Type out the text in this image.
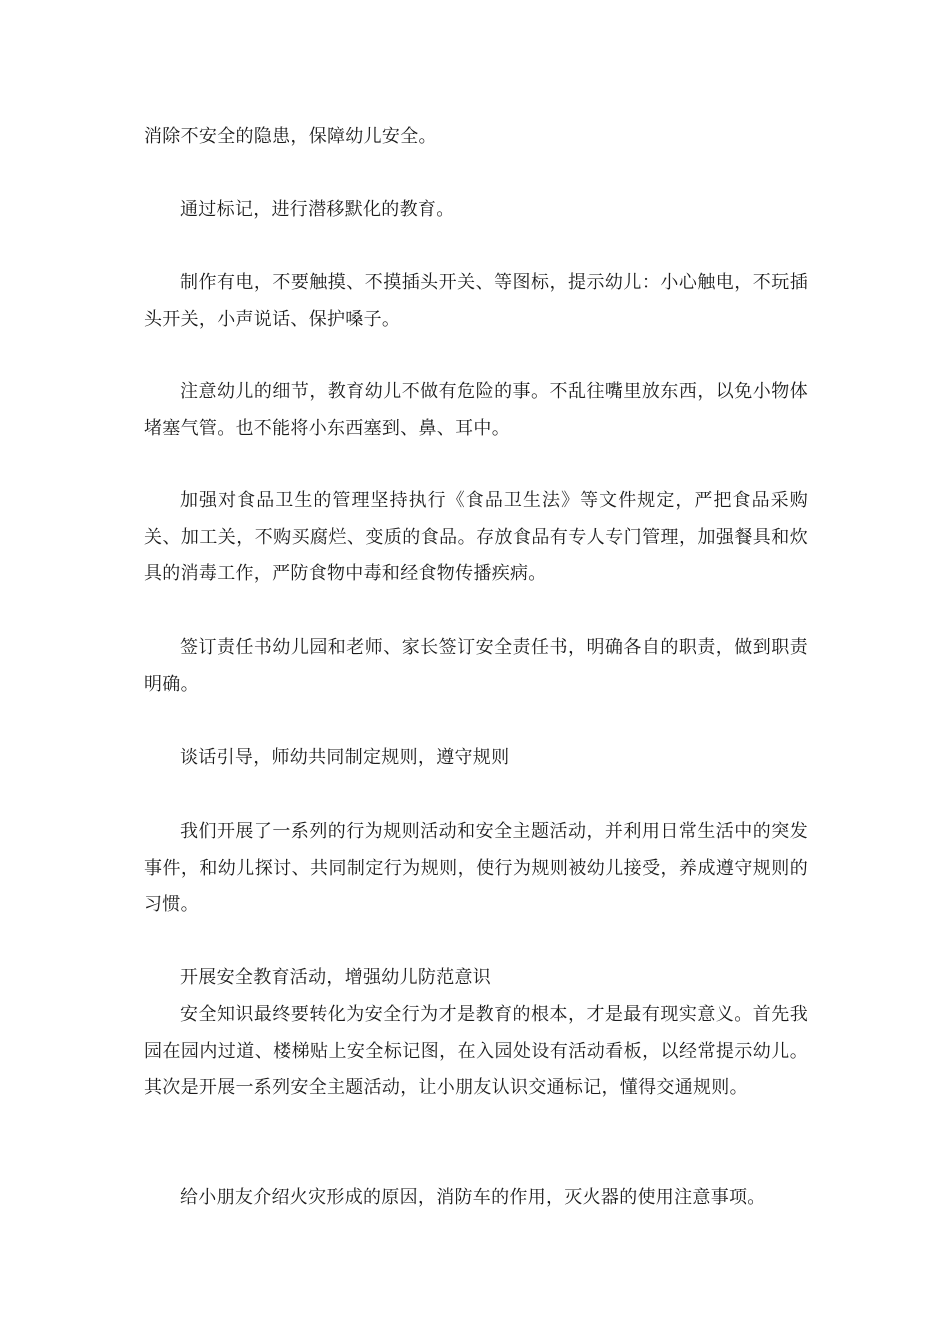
消除不安全的隐患，保障幼儿安全。

通过标记，进行潜移默化的教育。

制作有电，不要触摸、不摸插头开关、等图标，提示幼儿：小心触电，不玩插头开关，小声说话、保护嗓子。

注意幼儿的细节，教育幼儿不做有危险的事。不乱往嘴里放东西，以免小物体堵塞气管。也不能将小东西塞到、鼻、耳中。

加强对食品卫生的管理坚持执行《食品卫生法》等文件规定，严把食品采购关、加工关，不购买腐烂、变质的食品。存放食品有专人专门管理，加强餐具和炊具的消毒工作，严防食物中毒和经食物传播疾病。

签订责任书幼儿园和老师、家长签订安全责任书，明确各自的职责，做到职责明确。

谈话引导，师幼共同制定规则，遵守规则

我们开展了一系列的行为规则活动和安全主题活动，并利用日常生活中的突发事件，和幼儿探讨、共同制定行为规则，使行为规则被幼儿接受，养成遵守规则的习惯。

开展安全教育活动，增强幼儿防范意识

安全知识最终要转化为安全行为才是教育的根本，才是最有现实意义。首先我园在园内过道、楼梯贴上安全标记图，在入园处设有活动看板，以经常提示幼儿。其次是开展一系列安全主题活动，让小朋友认识交通标记，懂得交通规则。

给小朋友介绍火灾形成的原因，消防车的作用，灭火器的使用注意事项。
